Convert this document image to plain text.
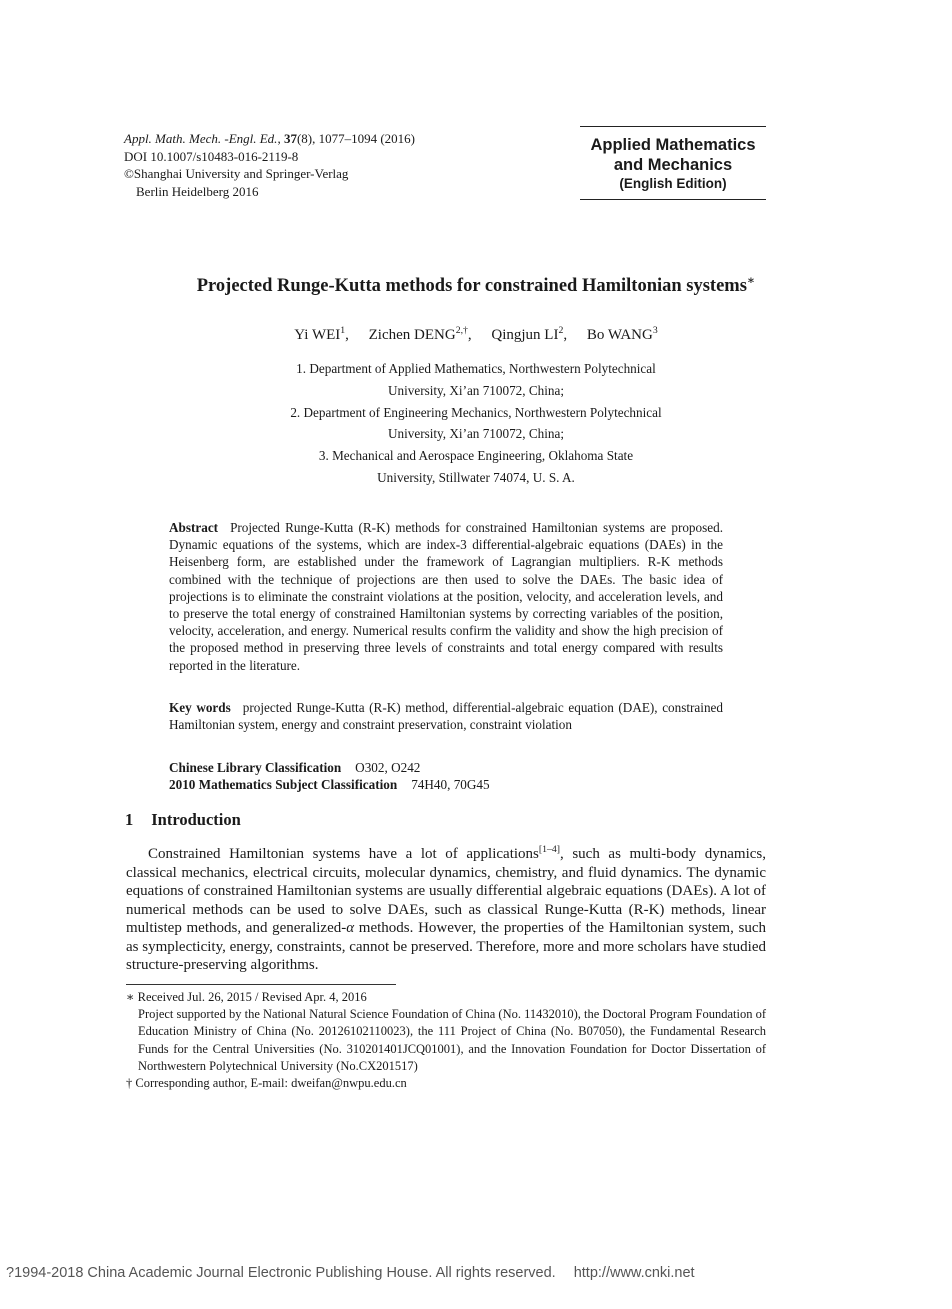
Appl. Math. Mech. -Engl. Ed., 37(8), 1077–1094 (2016)
DOI 10.1007/s10483-016-2119-8
©Shanghai University and Springer-Verlag
Berlin Heidelberg 2016
Applied Mathematics
and Mechanics
(English Edition)
Projected Runge-Kutta methods for constrained Hamiltonian systems∗
Yi WEI$^1$, Zichen $DENG^{2,\dagger}$, Qingjun $LI^2$, Bo WANG$^3$
1. Department of Applied Mathematics, Northwestern Polytechnical
University, Xi’an 710072, China;
2. Department of Engineering Mechanics, Northwestern Polytechnical
University, Xi’an 710072, China;
3. Mechanical and Aerospace Engineering, Oklahoma State
University, Stillwater 74074, U. S. A.
Abstract Projected Runge-Kutta (R-K) methods for constrained Hamiltonian systems are proposed. Dynamic equations of the systems, which are index-3 differential-algebraic equations (DAEs) in the Heisenberg form, are established under the framework of Lagrangian multipliers. R-K methods combined with the technique of projections are then used to solve the DAEs. The basic idea of projections is to eliminate the constraint violations at the position, velocity, and acceleration levels, and to preserve the total energy of constrained Hamiltonian systems by correcting variables of the position, velocity, acceleration, and energy. Numerical results confirm the validity and show the high precision of the proposed method in preserving three levels of constraints and total energy compared with results reported in the literature.
Key words projected Runge-Kutta (R-K) method, differential-algebraic equation (DAE), constrained Hamiltonian system, energy and constraint preservation, constraint violation
Chinese Library Classification O302, O242
2010 Mathematics Subject Classification 74H40, 70G45
1 Introduction
Constrained Hamiltonian systems have a lot of applications[1–4], such as multi-body dynamics, classical mechanics, electrical circuits, molecular dynamics, chemistry, and fluid dynamics. The dynamic equations of constrained Hamiltonian systems are usually differential algebraic equations (DAEs). A lot of numerical methods can be used to solve DAEs, such as classical Runge-Kutta (R-K) methods, linear multistep methods, and generalized-α methods. However, the properties of the Hamiltonian system, such as symplecticity, energy, constraints, cannot be preserved. Therefore, more and more scholars have studied structure-preserving algorithms.
∗ Received Jul. 26, 2015 / Revised Apr. 4, 2016
Project supported by the National Natural Science Foundation of China (No. 11432010), the Doctoral Program Foundation of Education Ministry of China (No. 20126102110023), the 111 Project of China (No. B07050), the Fundamental Research Funds for the Central Universities (No. 310201401JCQ01001), and the Innovation Foundation for Doctor Dissertation of Northwestern Polytechnical University (No.CX201517)
† Corresponding author, E-mail: dweifan@nwpu.edu.cn
?1994-2018 China Academic Journal Electronic Publishing House. All rights reserved. http://www.cnki.net
